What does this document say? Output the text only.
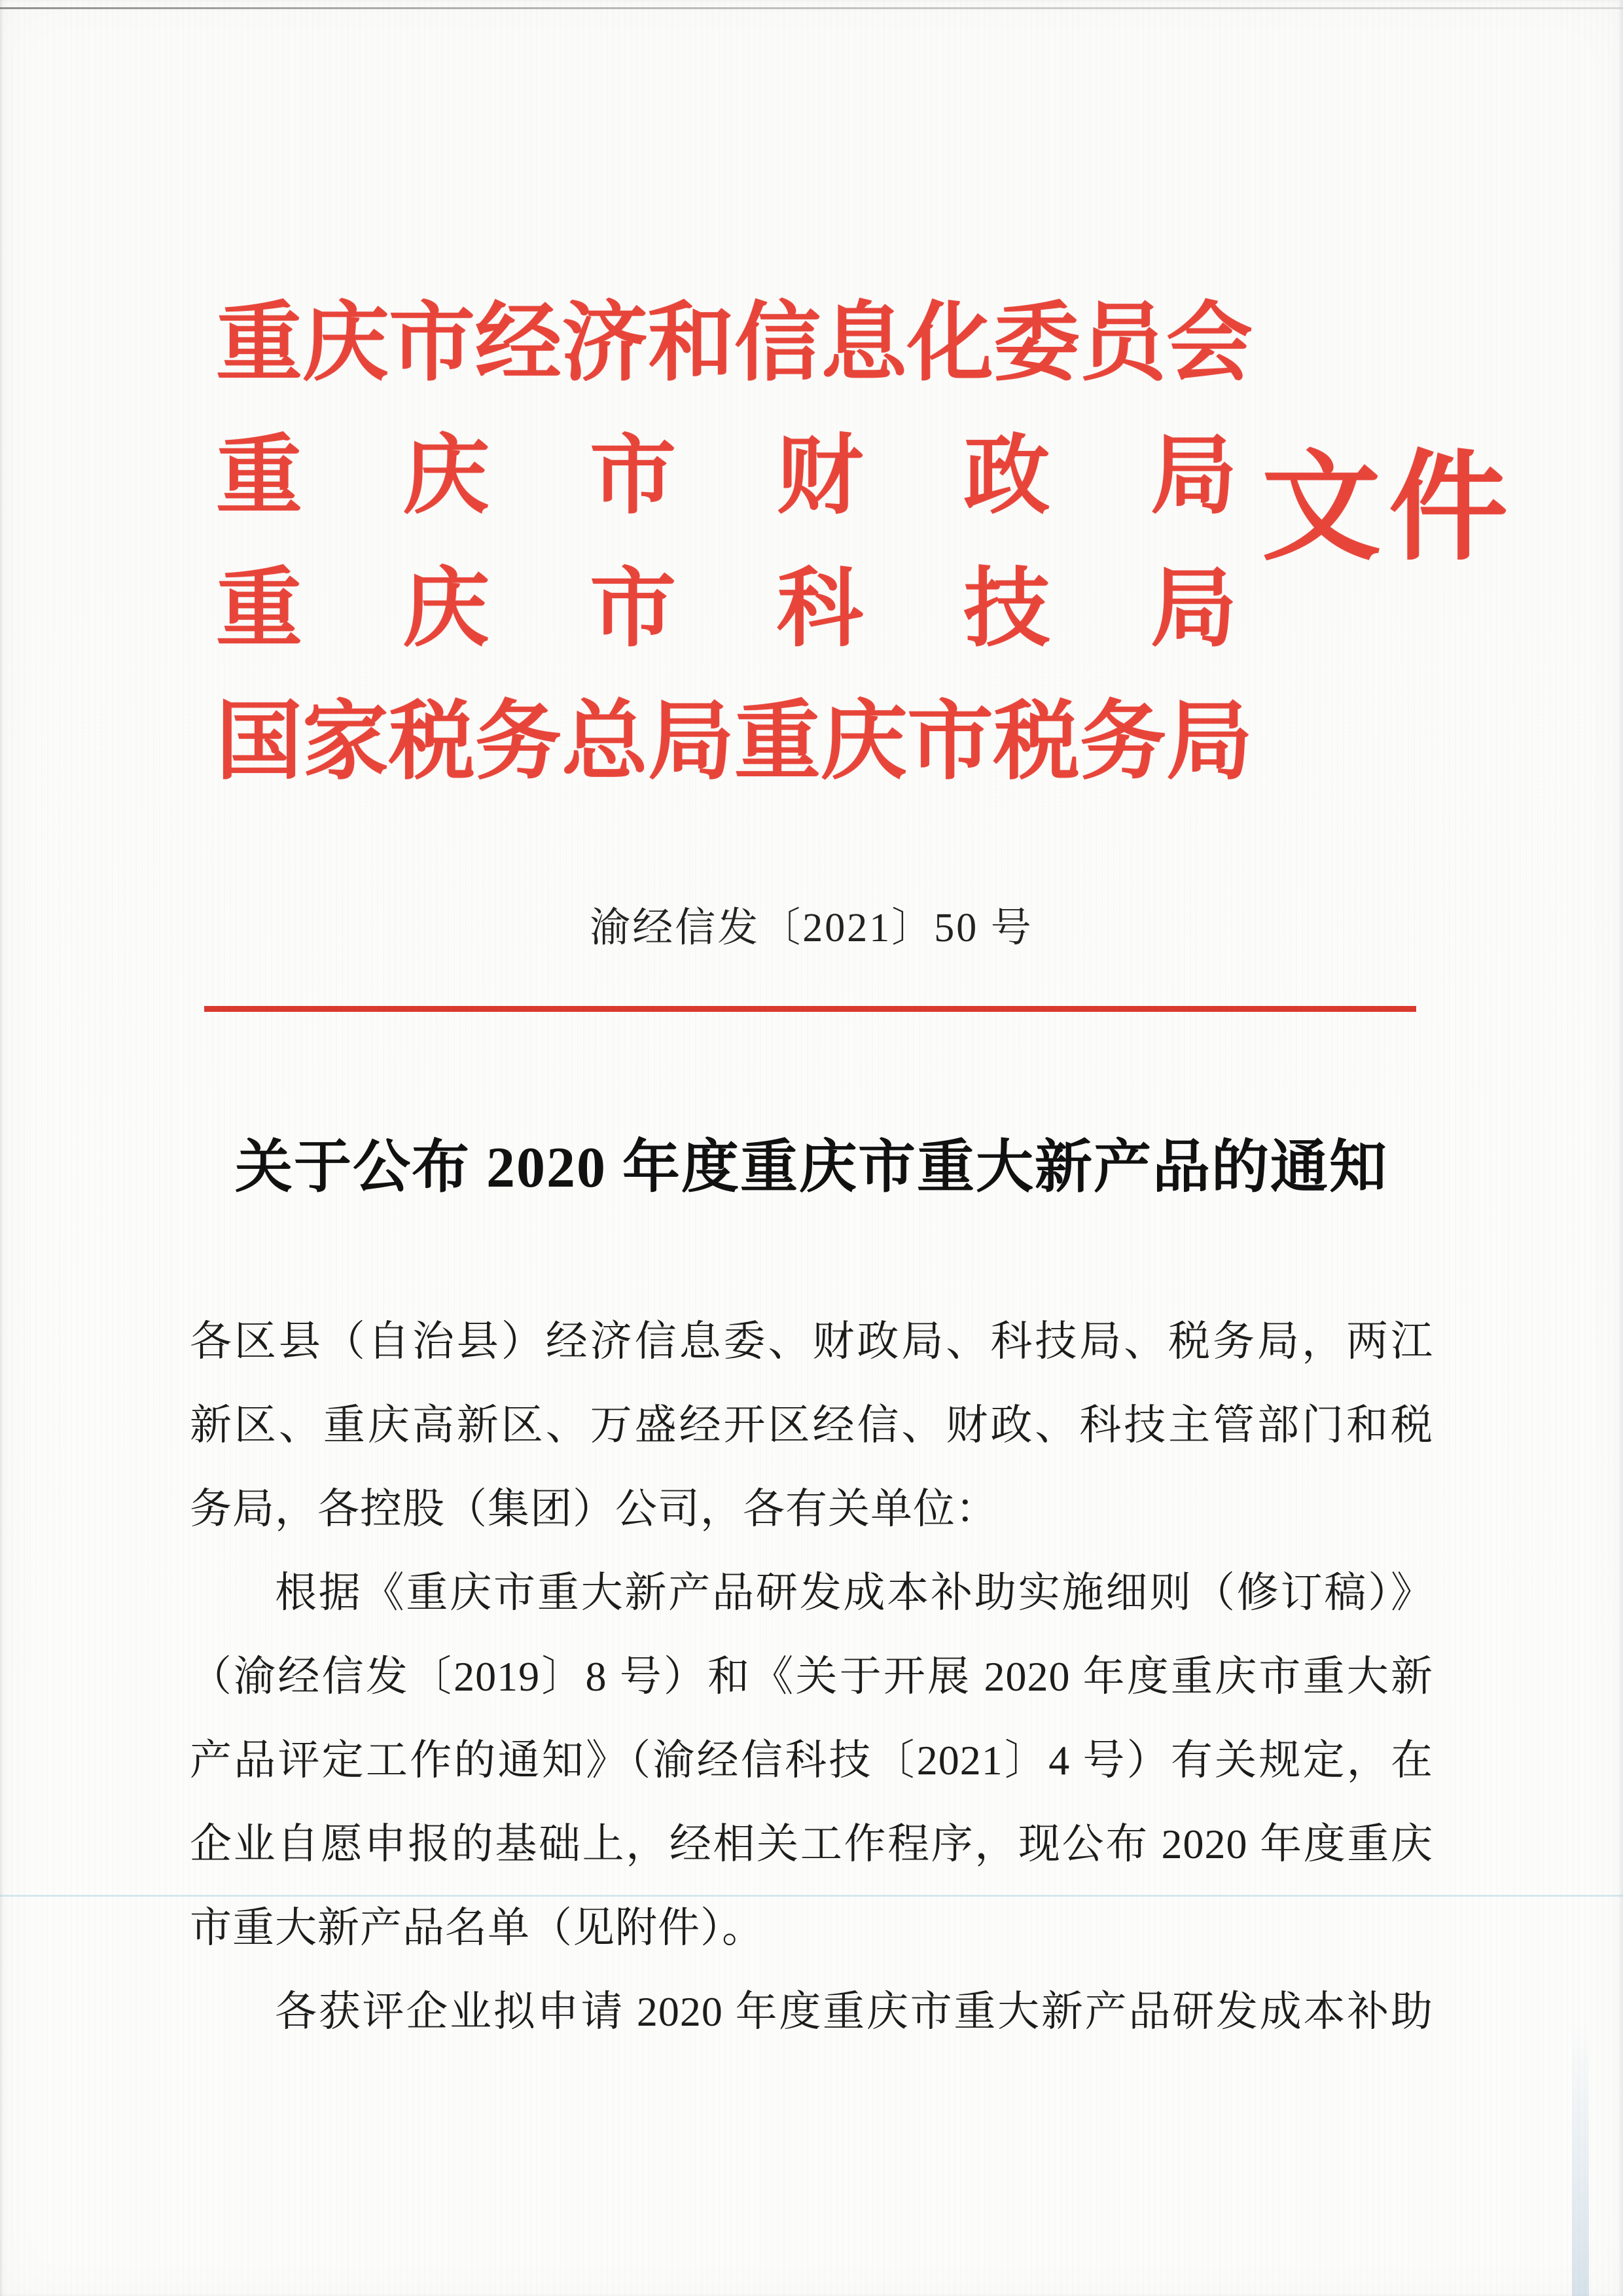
重 庆 市 经 济 和 信 息 化 委 员 会
重 庆 市 财 政 局
重 庆 市 科 技 局
国 家 税 务 总 局 重 庆 市 税 务 局
文件
渝经信发〔2021〕50 号
关于公布 2020 年度重庆市重大新产品的通知
各区县（自治县）经济信息委、财政局、科技局、税务局，两江
新区、重庆高新区、万盛经开区经信、财政、科技主管部门和税
务局，各控股（集团）公司，各有关单位：
根据《重庆市重大新产品研发成本补助实施细则（修订稿）》
（渝经信发〔2019〕8 号）和《关于开展 2020 年度重庆市重大新
产品评定工作的通知》（渝经信科技〔2021〕4 号）有关规定，在
企业自愿申报的基础上，经相关工作程序，现公布 2020 年度重庆
市重大新产品名单（见附件）。
各获评企业拟申请 2020 年度重庆市重大新产品研发成本补助
